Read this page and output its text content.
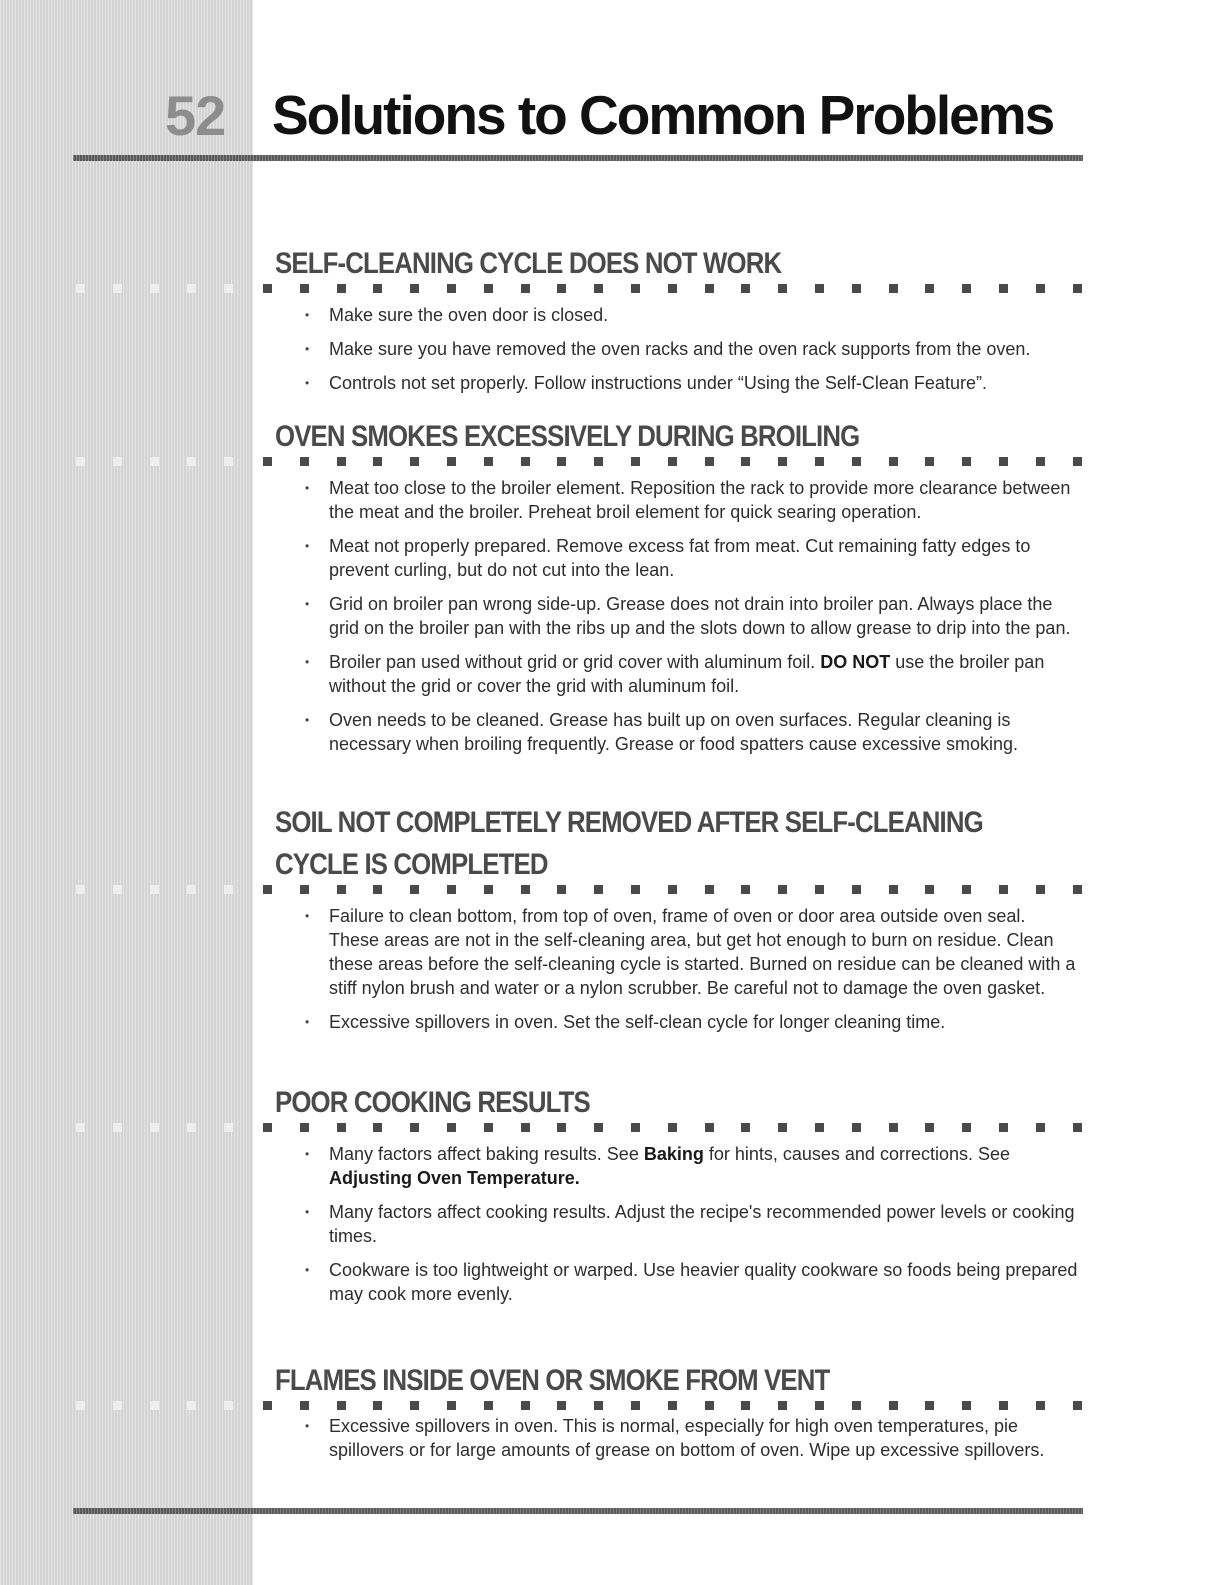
52 Solutions to Common Problems
SELF-CLEANING CYCLE DOES NOT WORK
• Make sure the oven door is closed.
• Make sure you have removed the oven racks and the oven rack supports from the oven.
• Controls not set properly. Follow instructions under “Using the Self-Clean Feature”.
OVEN SMOKES EXCESSIVELY DURING BROILING
• Meat too close to the broiler element. Reposition the rack to provide more clearance between the meat and the broiler. Preheat broil element for quick searing operation.
• Meat not properly prepared. Remove excess fat from meat. Cut remaining fatty edges to prevent curling, but do not cut into the lean.
• Grid on broiler pan wrong side-up. Grease does not drain into broiler pan. Always place the grid on the broiler pan with the ribs up and the slots down to allow grease to drip into the pan.
• Broiler pan used without grid or grid cover with aluminum foil. DO NOT use the broiler pan without the grid or cover the grid with aluminum foil.
• Oven needs to be cleaned. Grease has built up on oven surfaces. Regular cleaning is necessary when broiling frequently. Grease or food spatters cause excessive smoking.
SOIL NOT COMPLETELY REMOVED AFTER SELF-CLEANING
CYCLE IS COMPLETED
• Failure to clean bottom, from top of oven, frame of oven or door area outside oven seal. These areas are not in the self-cleaning area, but get hot enough to burn on residue. Clean these areas before the self-cleaning cycle is started. Burned on residue can be cleaned with a stiff nylon brush and water or a nylon scrubber. Be careful not to damage the oven gasket.
• Excessive spillovers in oven. Set the self-clean cycle for longer cleaning time.
POOR COOKING RESULTS
• Many factors affect baking results. See Baking for hints, causes and corrections. See Adjusting Oven Temperature.
• Many factors affect cooking results. Adjust the recipe's recommended power levels or cooking times.
• Cookware is too lightweight or warped. Use heavier quality cookware so foods being prepared may cook more evenly.
FLAMES INSIDE OVEN OR SMOKE FROM VENT
• Excessive spillovers in oven. This is normal, especially for high oven temperatures, pie spillovers or for large amounts of grease on bottom of oven. Wipe up excessive spillovers.
